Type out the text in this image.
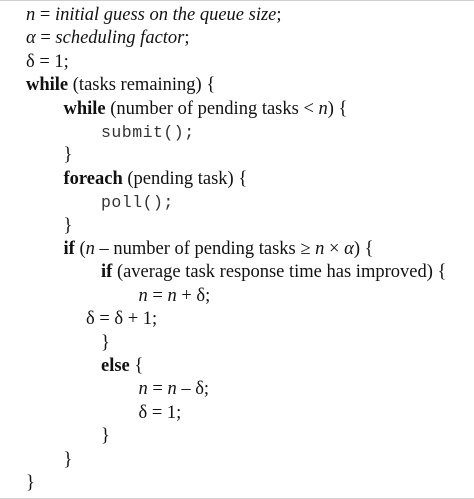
n = initial guess on the queue size;
α = scheduling factor;
δ = 1;
while (tasks remaining) {
while (number of pending tasks < n) {
submit();
}
foreach (pending task) {
poll();
}
if (n – number of pending tasks ≥ n × α) {
if (average task response time has improved) {
n = n + δ;
δ = δ + 1;
}
else {
n = n – δ;
δ = 1;
}
}
}
